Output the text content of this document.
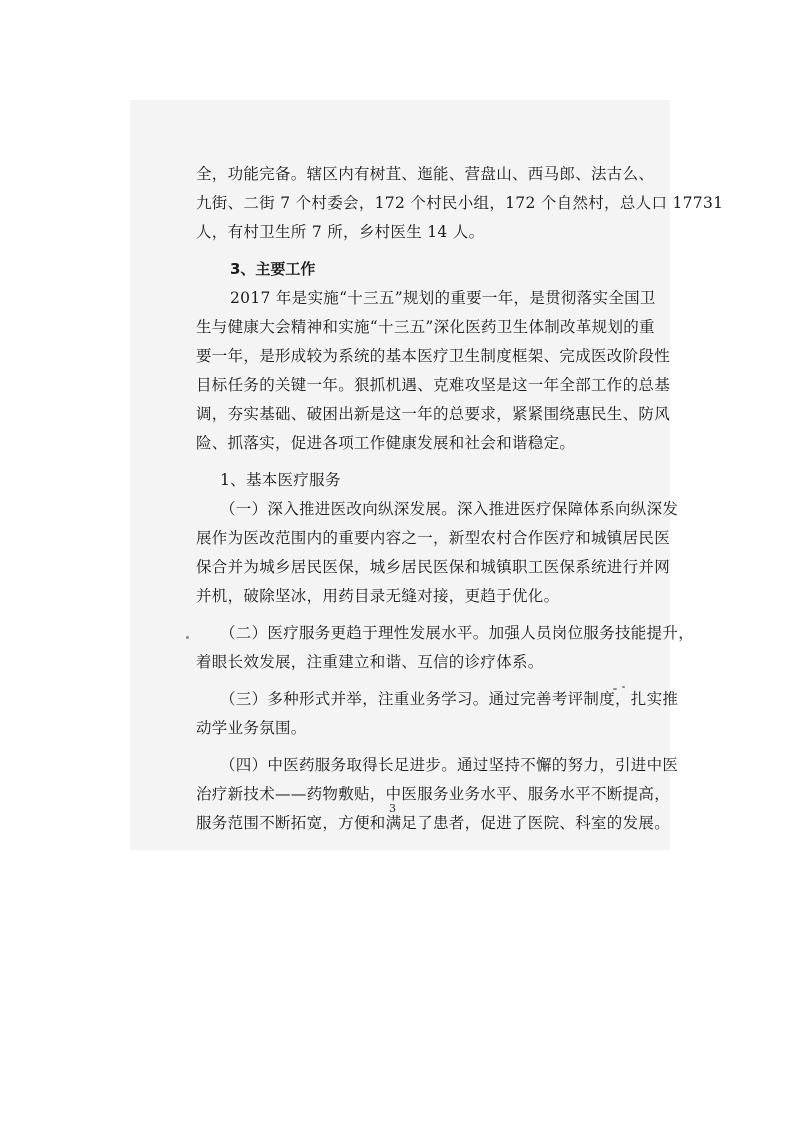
全，功能完备。辖区内有树苴、迤能、营盘山、西马郎、法古么、
九街、二街 7 个村委会，172 个村民小组，172 个自然村，总人口 17731
人，有村卫生所 7 所，乡村医生 14 人。
3、主要工作
2017 年是实施“十三五”规划的重要一年，是贯彻落实全国卫
生与健康大会精神和实施“十三五”深化医药卫生体制改革规划的重
要一年，是形成较为系统的基本医疗卫生制度框架、完成医改阶段性
目标任务的关键一年。狠抓机遇、克难攻坚是这一年全部工作的总基
调，夯实基础、破困出新是这一年的总要求，紧紧围绕惠民生、防风
险、抓落实，促进各项工作健康发展和社会和谐稳定。
1、基本医疗服务
（一）深入推进医改向纵深发展。深入推进医疗保障体系向纵深发
展作为医改范围内的重要内容之一，新型农村合作医疗和城镇居民医
保合并为城乡居民医保，城乡居民医保和城镇职工医保系统进行并网
并机，破除坚冰，用药目录无缝对接，更趋于优化。
（二）医疗服务更趋于理性发展水平。加强人员岗位服务技能提升，
着眼长效发展，注重建立和谐、互信的诊疗体系。
（三）多种形式并举，注重业务学习。通过完善考评制度，扎实推
动学业务氛围。
（四）中医药服务取得长足进步。通过坚持不懈的努力，引进中医
治疗新技术——药物敷贴，中医服务业务水平、服务水平不断提高，
服务范围不断拓宽，方便和满足了患者，促进了医院、科室的发展。
3
